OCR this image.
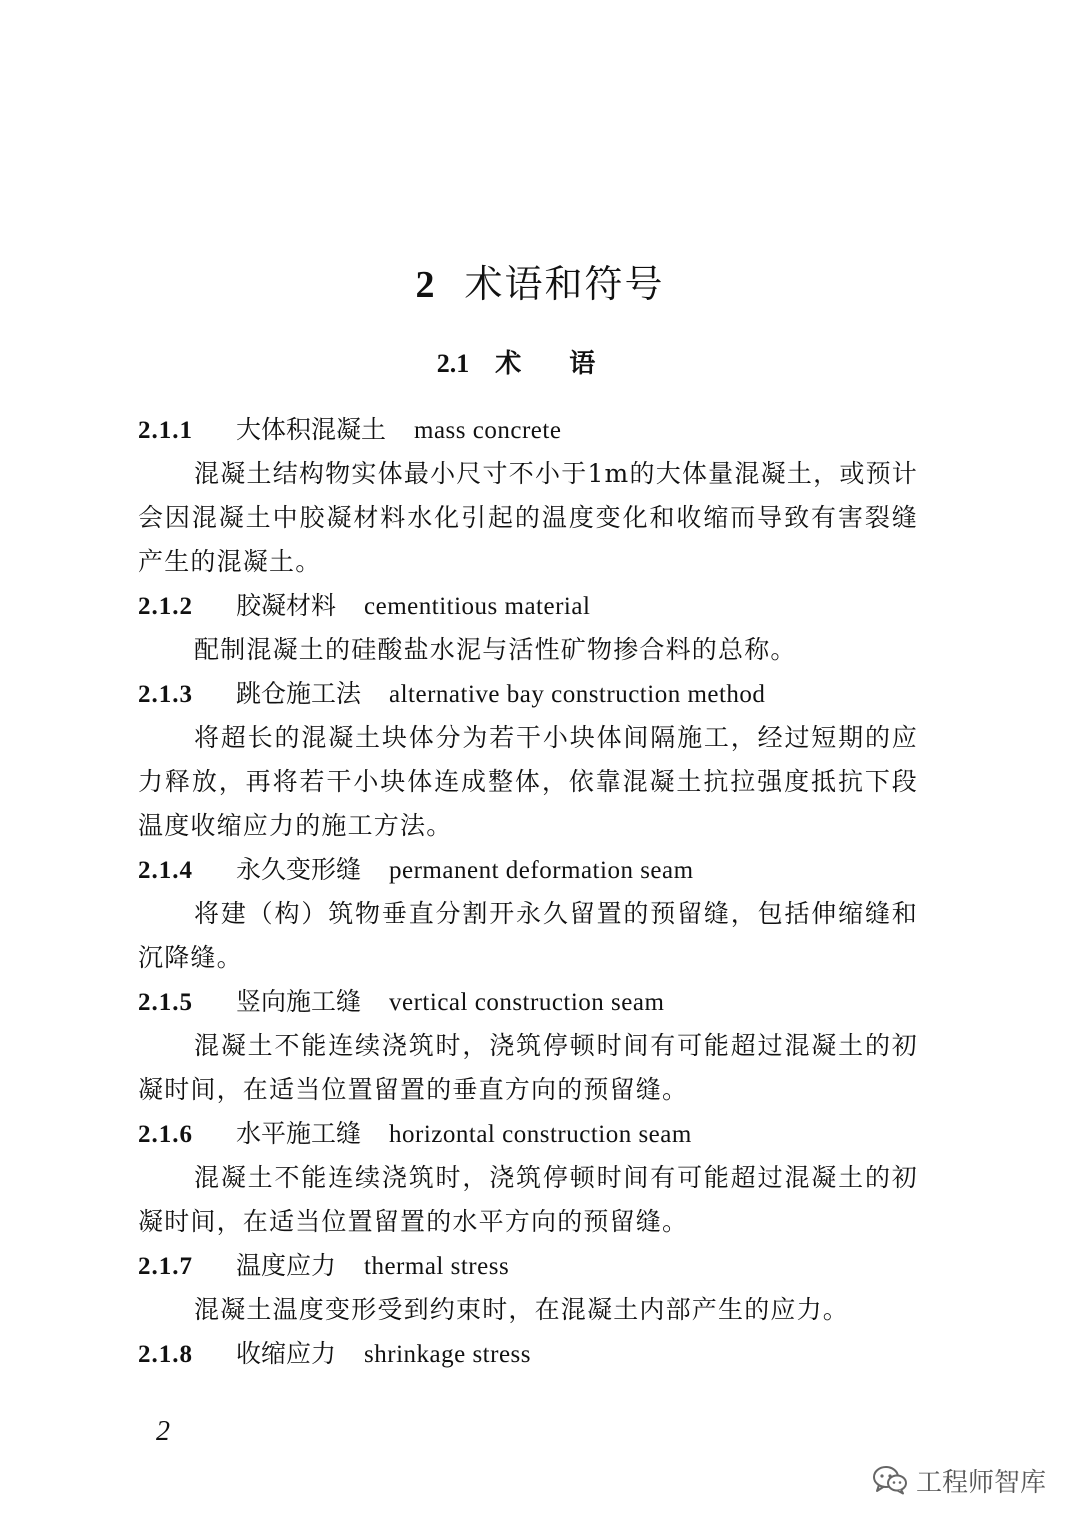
2 术语和符号
2.1 术语
2.1.1 大体积混凝土 mass concrete

混凝土结构物实体最小尺寸不小于1m的大体量混凝土，或预计会因混凝土中胶凝材料水化引起的温度变化和收缩而导致有害裂缝产生的混凝土。

2.1.2 胶凝材料 cementitious material

配制混凝土的硅酸盐水泥与活性矿物掺合料的总称。

2.1.3 跳仓施工法 alternative bay construction method

将超长的混凝土块体分为若干小块体间隔施工，经过短期的应力释放，再将若干小块体连成整体，依靠混凝土抗拉强度抵抗下段温度收缩应力的施工方法。

2.1.4 永久变形缝 permanent deformation seam

将建（构）筑物垂直分割开永久留置的预留缝，包括伸缩缝和沉降缝。

2.1.5 竖向施工缝 vertical construction seam

混凝土不能连续浇筑时，浇筑停顿时间有可能超过混凝土的初凝时间，在适当位置留置的垂直方向的预留缝。

2.1.6 水平施工缝 horizontal construction seam

混凝土不能连续浇筑时，浇筑停顿时间有可能超过混凝土的初凝时间，在适当位置留置的水平方向的预留缝。

2.1.7 温度应力 thermal stress

混凝土温度变形受到约束时，在混凝土内部产生的应力。

2.1.8 收缩应力 shrinkage stress
2
工程师智库
